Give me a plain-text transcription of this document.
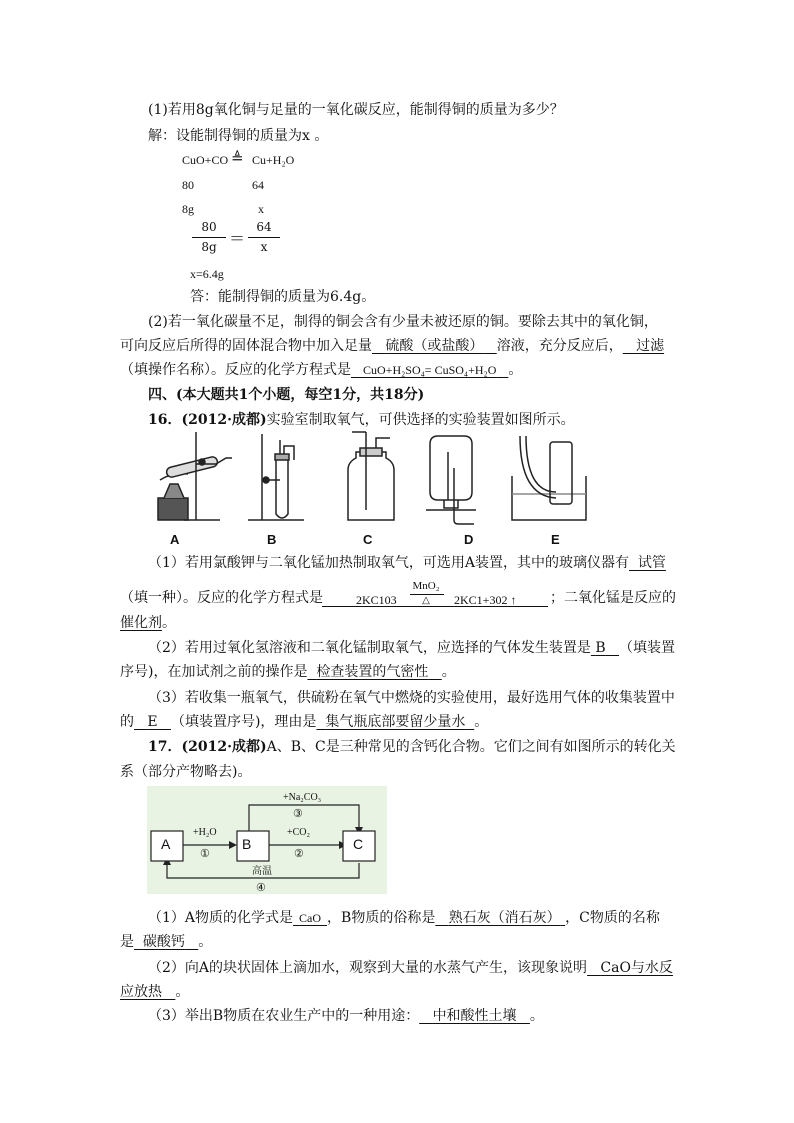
(1)若用8g氧化铜与足量的一氧化碳反应，能制得铜的质量为多少？
解：设能制得铜的质量为x 。
CuO+CO ≜ Cu+H₂O
80	64
8g	x
80
8g ＝
64
x
x=6.4g
答：能制得铜的质量为6.4g。
(2)若一氧化碳量不足，制得的铜会含有少量未被还原的铜。要除去其中的氧化铜，
可向反应后所得的固体混合物中加入足量 硫酸（或盐酸） 溶液，充分反应后， 过滤
（填操作名称）。反应的化学方程式是 CuO+H₂SO₄= CuSO₄+H₂O 。
四、(本大题共1个小题，每空1分，共18分)
16．(2012·成都)实验室制取氧气，可供选择的实验装置如图所示。
A	B	C	D	E
（1）若用氯酸钾与二氧化锰加热制取氧气，可选用A装置，其中的玻璃仪器有 试管
（填一种）。反应的化学方程式是	2KC103
MnO₂
△	2KC1+302 ↑ ；二氧化锰是反应的
催化剂。
（2）若用过氧化氢溶液和二氧化锰制取氧气，应选择的气体发生装置是 B （填装置
序号)，在加试剂之前的操作是 检查装置的气密性 。
（3）若收集一瓶氧气，供硫粉在氧气中燃烧的实验使用，最好选用气体的收集装置中
的 E （填装置序号)，理由是 集气瓶底部要留少量水 。
17．(2012·成都)A、B、C是三种常见的含钙化合物。它们之间有如图所示的转化关
系（部分产物略去)。
A	B	C
+Na₂CO₃
③
+H₂O
①
+CO₂
②
高温
④
（1）A物质的化学式是 CaO ，B物质的俗称是 熟石灰（消石灰） ，C物质的名称
是 碳酸钙 。
（2）向A的块状固体上滴加水，观察到大量的水蒸气产生，该现象说明 CaO与水反
应放热 。
（3）举出B物质在农业生产中的一种用途： 中和酸性土壤 。
